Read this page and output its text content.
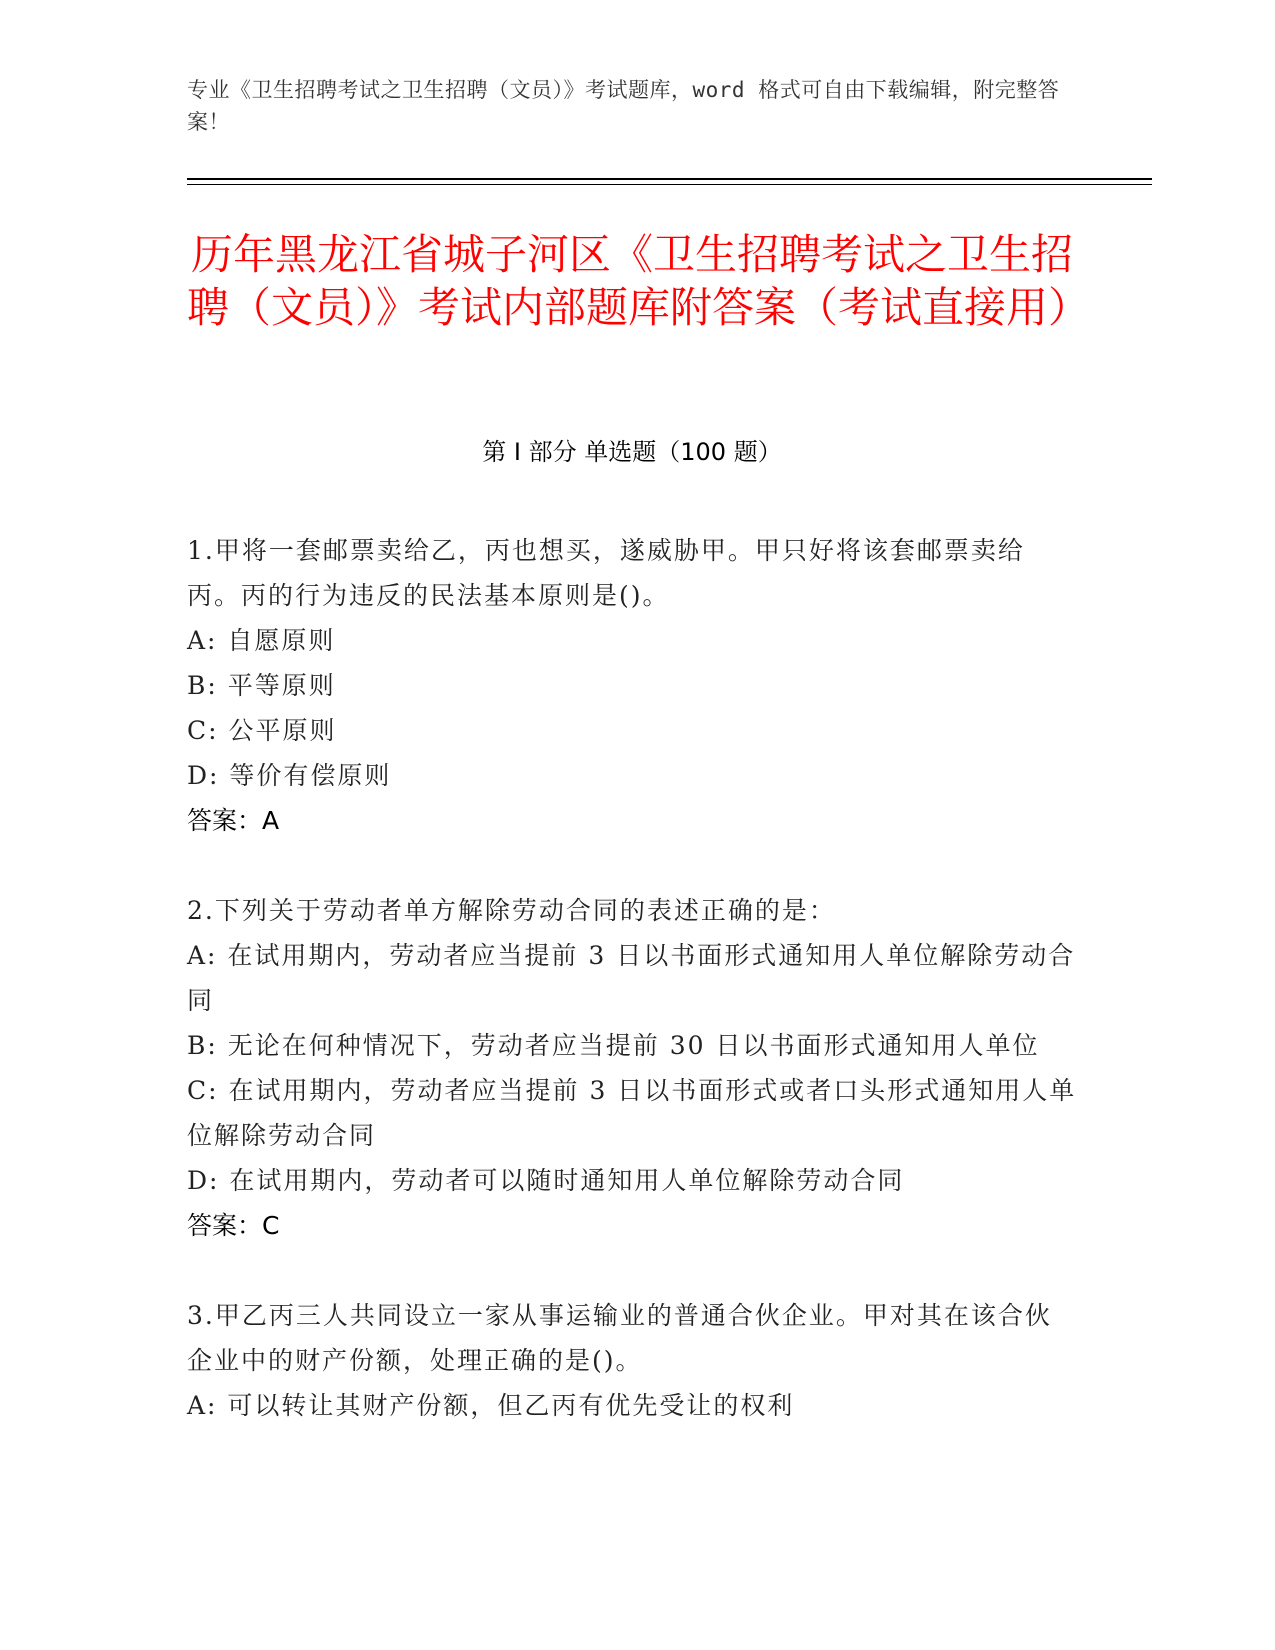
专业《卫生招聘考试之卫生招聘（文员）》考试题库，word 格式可自由下载编辑，附完整答案！
历年黑龙江省城子河区《卫生招聘考试之卫生招聘（文员）》考试内部题库附答案（考试直接用）
第 I 部分 单选题（100 题）
1.甲将一套邮票卖给乙，丙也想买，遂威胁甲。甲只好将该套邮票卖给丙。丙的行为违反的民法基本原则是()。
A: 自愿原则
B: 平等原则
C: 公平原则
D: 等价有偿原则
答案：A
2.下列关于劳动者单方解除劳动合同的表述正确的是：
A: 在试用期内，劳动者应当提前 3 日以书面形式通知用人单位解除劳动合同
B: 无论在何种情况下，劳动者应当提前 30 日以书面形式通知用人单位
C: 在试用期内，劳动者应当提前 3 日以书面形式或者口头形式通知用人单位解除劳动合同
D: 在试用期内，劳动者可以随时通知用人单位解除劳动合同
答案：C
3.甲乙丙三人共同设立一家从事运输业的普通合伙企业。甲对其在该合伙企业中的财产份额，处理正确的是()。
A: 可以转让其财产份额，但乙丙有优先受让的权利
